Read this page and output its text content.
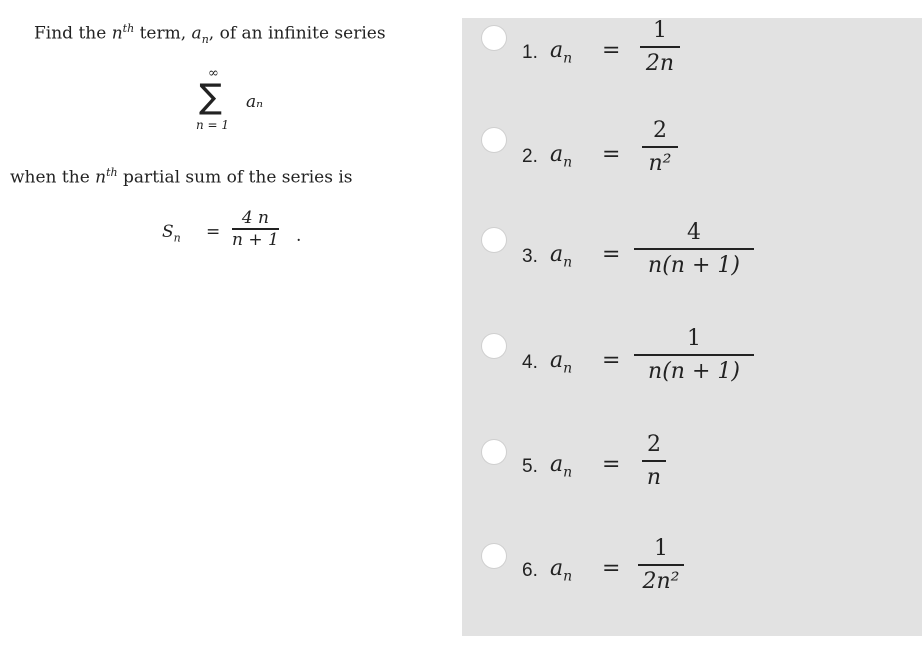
Find the $n^{th}$ term, $a_n$, of an infinite series
∞
∑ aₙ
n = 1
when the $n^{th}$ partial sum of the series is
$S_n$ =
4 n
n + 1 .
1. $a_n$ =
1
2n
2. $a_n$ =
2
n²
3. $a_n$ =
4
n(n + 1)
4. $a_n$ =
1
n(n + 1)
5. $a_n$ =
2
n
6. $a_n$ =
1
2n²
